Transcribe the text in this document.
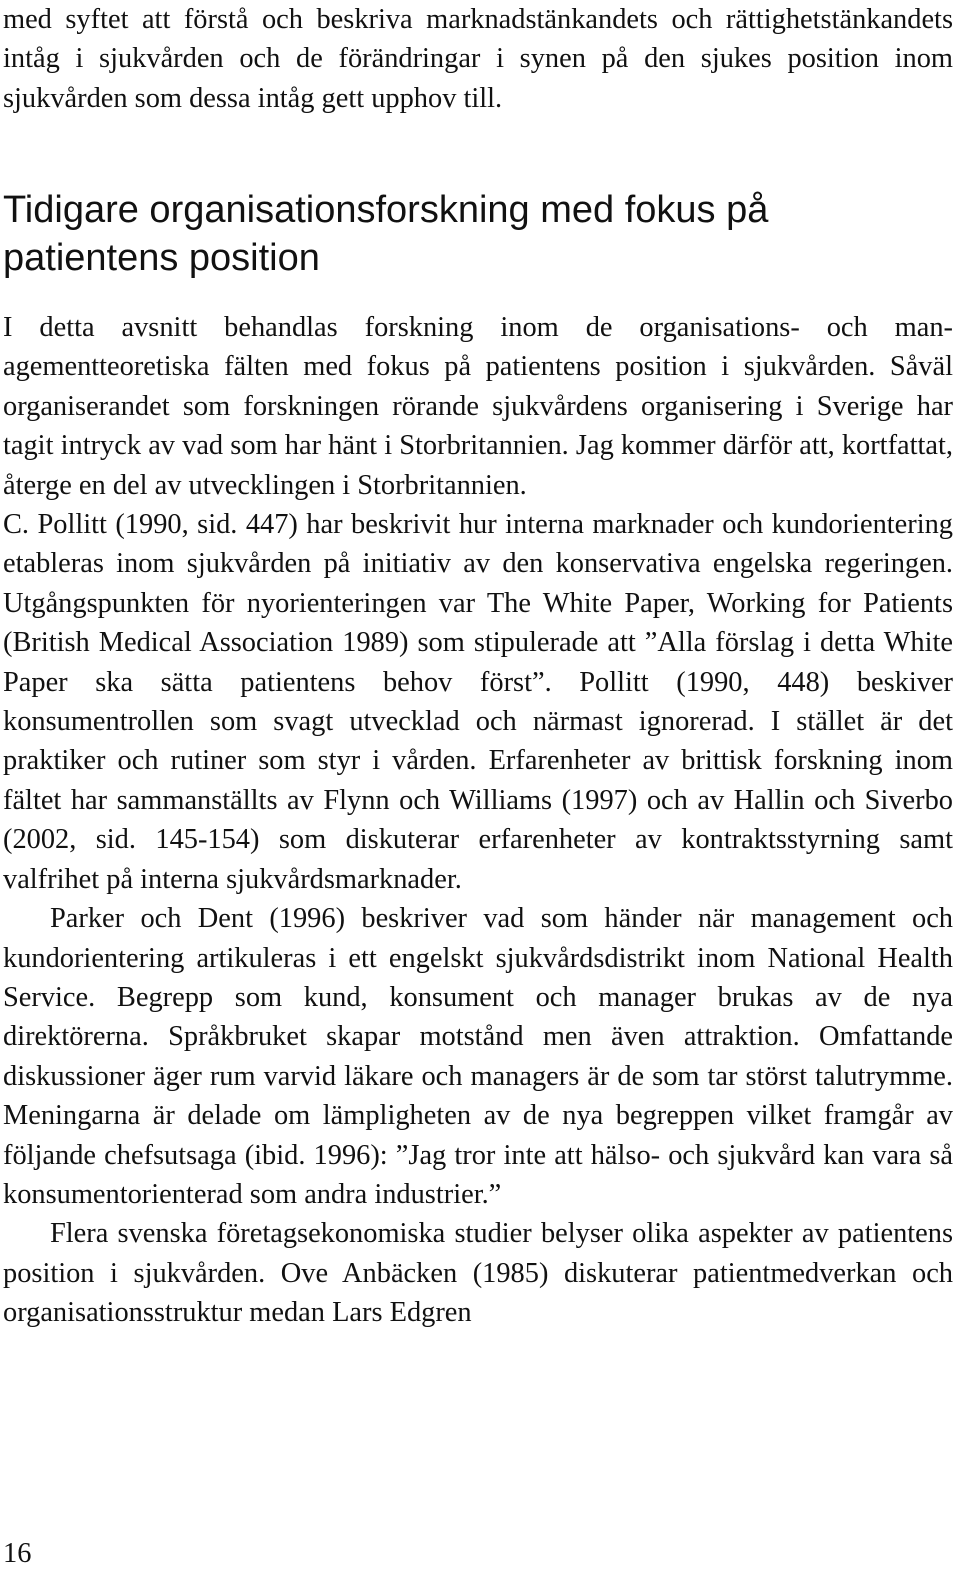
med syftet att förstå och beskriva marknadstänkandets och rättighetstänkandets intåg i sjukvården och de förändringar i synen på den sjukes position inom sjukvården som dessa intåg gett upphov till.

Tidigare organisationsforskning med fokus på patientens position

I detta avsnitt behandlas forskning inom de organisations- och managementteoretiska fälten med fokus på patientens position i sjukvården. Såväl organiserandet som forskningen rörande sjukvårdens organisering i Sverige har tagit intryck av vad som har hänt i Storbritannien. Jag kommer därför att, kortfattat, återge en del av utvecklingen i Storbritannien.

C. Pollitt (1990, sid. 447) har beskrivit hur interna marknader och kundorientering etableras inom sjukvården på initiativ av den konservativa engelska regeringen. Utgångspunkten för nyorienteringen var The White Paper, Working for Patients (British Medical Association 1989) som stipulerade att ”Alla förslag i detta White Paper ska sätta patientens behov först”. Pollitt (1990, 448) beskiver konsumentrollen som svagt utvecklad och närmast ignorerad. I stället är det praktiker och rutiner som styr i vården. Erfarenheter av brittisk forskning inom fältet har sammanställts av Flynn och Williams (1997) och av Hallin och Siverbo (2002, sid. 145-154) som diskuterar erfarenheter av kontraktsstyrning samt valfrihet på interna sjukvårdsmarknader.

Parker och Dent (1996) beskriver vad som händer när management och kundorientering artikuleras i ett engelskt sjukvårdsdistrikt inom National Health Service. Begrepp som kund, konsument och manager brukas av de nya direktörerna. Språkbruket skapar motstånd men även attraktion. Omfattande diskussioner äger rum varvid läkare och managers är de som tar störst talutrymme. Meningarna är delade om lämpligheten av de nya begreppen vilket framgår av följande chefsutsaga (ibid. 1996): ”Jag tror inte att hälso- och sjukvård kan vara så konsumentorienterad som andra industrier.”

Flera svenska företagsekonomiska studier belyser olika aspekter av patientens position i sjukvården. Ove Anbäcken (1985) diskuterar patientmedverkan och organisationsstruktur medan Lars Edgren

16
